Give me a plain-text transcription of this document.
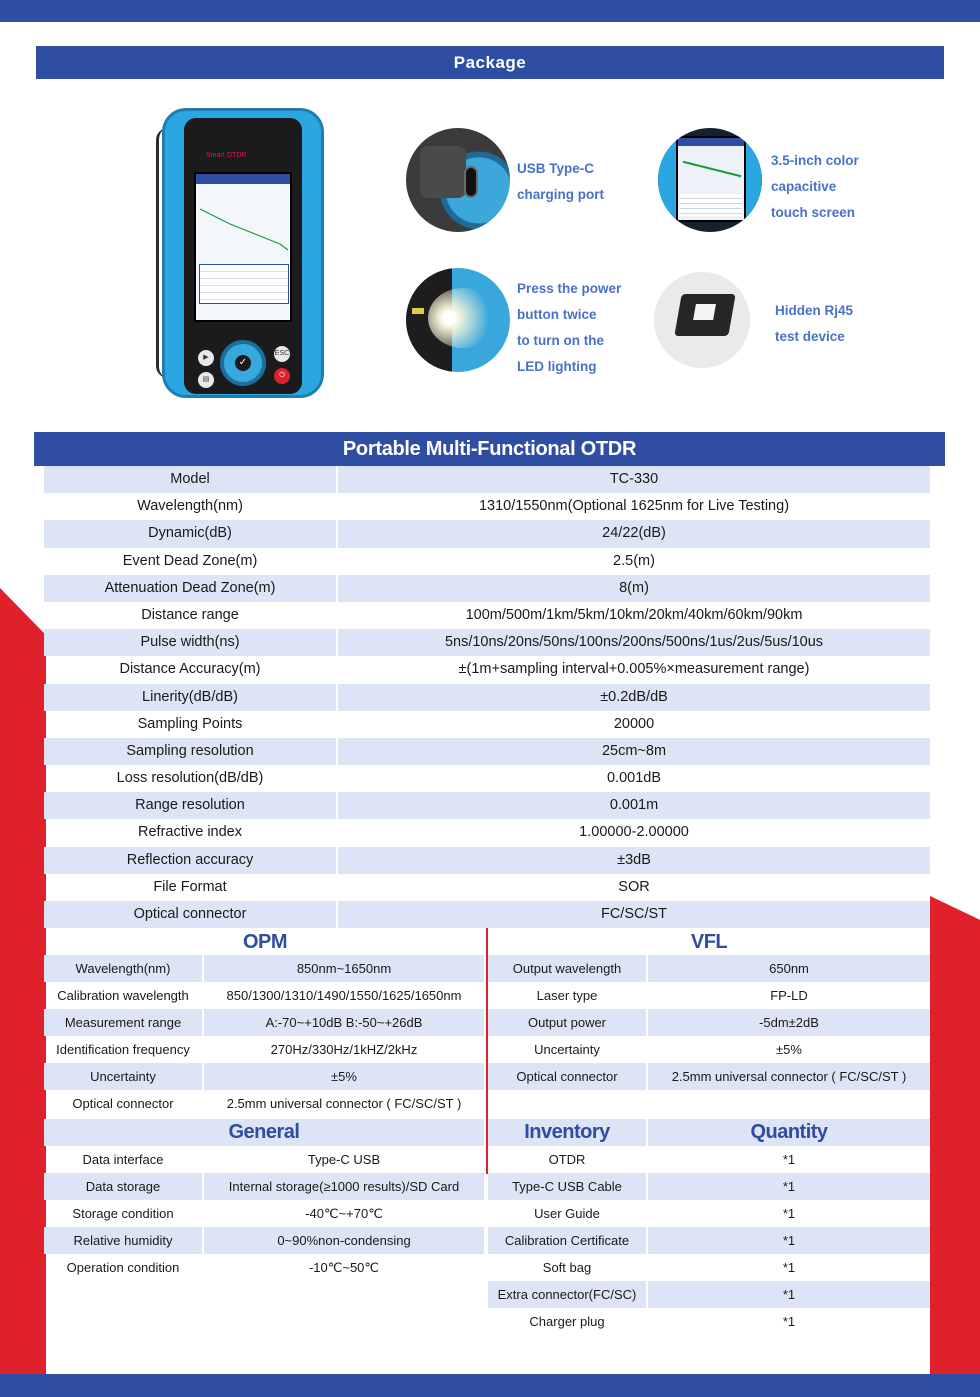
Package
Smart OTDR
✓
▶
ESC
▤
⏻
USB Type-C
charging port
3.5-inch color
capacitive
touch screen
Press the power
button twice
to turn on the
LED lighting
Hidden Rj45
test device
Portable Multi-Functional OTDR
Model	TC-330
Wavelength(nm)	1310/1550nm(Optional 1625nm for Live Testing)
Dynamic(dB)	24/22(dB)
Event Dead Zone(m)	2.5(m)
Attenuation Dead Zone(m)	8(m)
Distance range	100m/500m/1km/5km/10km/20km/40km/60km/90km
Pulse width(ns)	5ns/10ns/20ns/50ns/100ns/200ns/500ns/1us/2us/5us/10us
Distance Accuracy(m)	±(1m+sampling interval+0.005%×measurement range)
Linerity(dB/dB)	±0.2dB/dB
Sampling Points	20000
Sampling resolution	25cm~8m
Loss resolution(dB/dB)	0.001dB
Range resolution	0.001m
Refractive index	1.00000-2.00000
Reflection accuracy	±3dB
File Format	SOR
Optical connector	FC/SC/ST
OPM	VFL
Wavelength(nm)	850nm~1650nm
Calibration wavelength	850/1300/1310/1490/1550/1625/1650nm
Measurement range	A:-70~+10dB B:-50~+26dB
Identification frequency	270Hz/330Hz/1kHZ/2kHz
Uncertainty	±5%
Optical connector	2.5mm universal connector ( FC/SC/ST )
Output wavelength	650nm
Laser type	FP-LD
Output power	-5dm±2dB
Uncertainty	±5%
Optical connector	2.5mm universal connector ( FC/SC/ST )
General	Inventory	Quantity
Data interface	Type-C USB
Data storage	Internal storage(≥1000 results)/SD Card
Storage condition	-40℃~+70℃
Relative humidity	0~90%non-condensing
Operation condition	-10℃~50℃
OTDR	*1
Type-C USB Cable	*1
User Guide	*1
Calibration Certificate	*1
Soft bag	*1
Extra connector(FC/SC)	*1
Charger plug	*1
